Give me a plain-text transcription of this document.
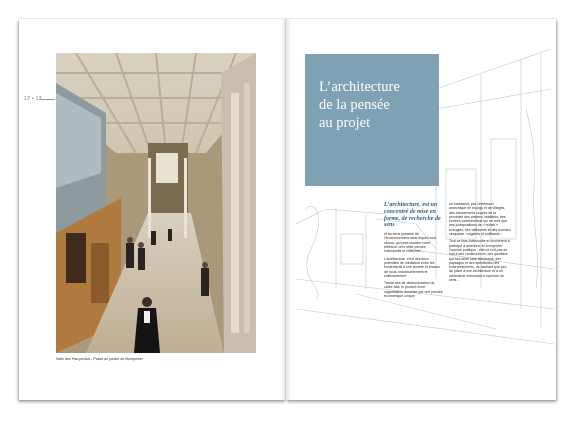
12 • 13
Salle des Pas-perdus - Palais de justice de Montpellier
L’architecture
de la pensée
au projet

L’architecture, est un concentré de mise en forme, de recherche de sens

et du sens possible de l’environnement dans lequel nous vivons, qui peut susciter notre réflexion vers cette pensée individuelle et collective…

L’architecture, c’est des lieux potentiels de médiation entre les fondements d’une société et chacun de nous, individuellement et collectivement…

Trente ans de déstructuration du cadre bâti, le produit d’une organisation dominée par une pensée économique unique

se traduisent, par l’extension anarchique de bourgs et de villages, des lotissements coupés de la proximité des anciens habitants, des centres commerciaux qui ne sont que des juxtapositions de « boîtes » aveugles, des bâtiments et des bureaux cinquante, vulgaires et suffisants…

Tout ce tissu hétéroclite et incohérent a participé à améliorer et à emporter l’opinion publique ; elle ne voit pas de mal à ces constructions, ces quartiers qui font table rase des tissus, des paysages et des spécificités des environnements, ne sachant que peu de place à une architecture et à un urbanisme cherchant à exprimer du sens…
